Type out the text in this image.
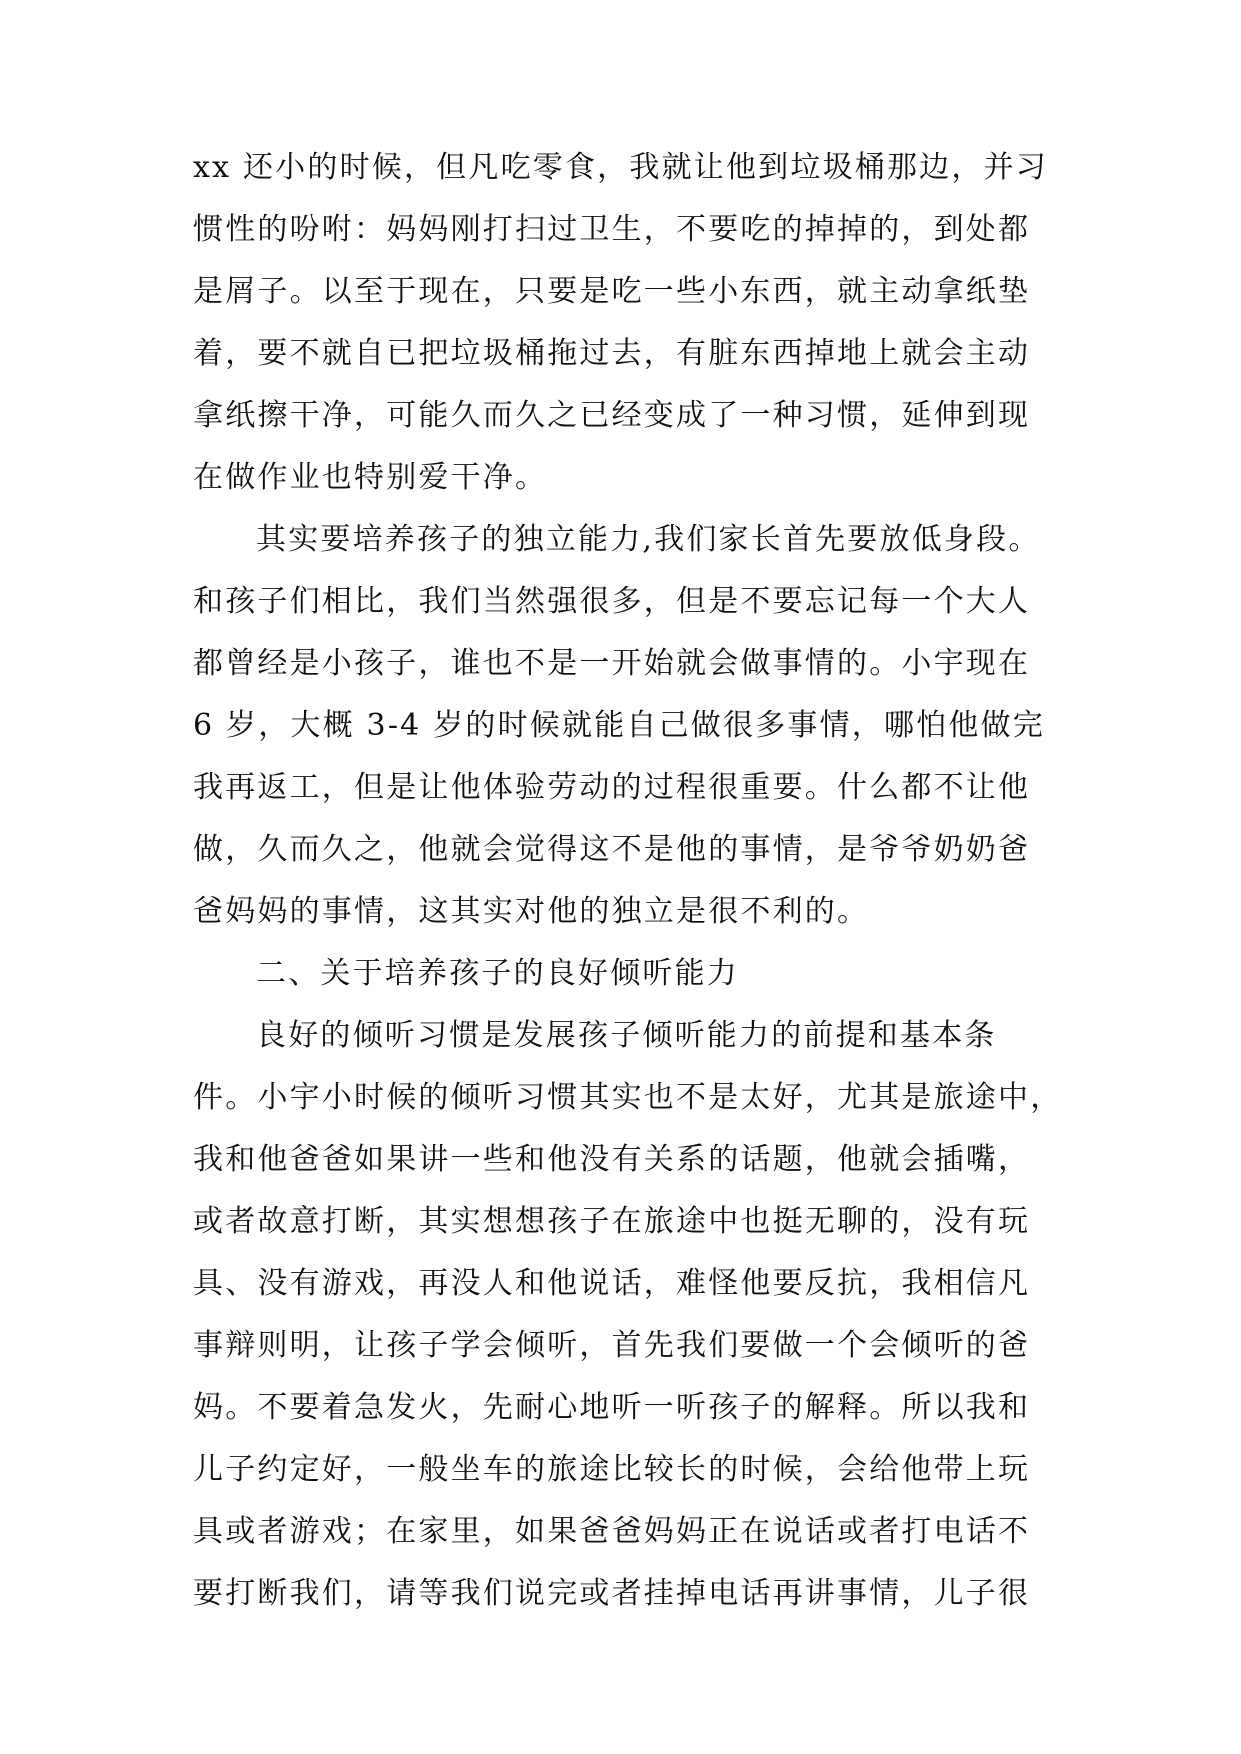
xx 还小的时候，但凡吃零食，我就让他到垃圾桶那边，并习
惯性的吩咐：妈妈刚打扫过卫生，不要吃的掉掉的，到处都
是屑子。以至于现在，只要是吃一些小东西，就主动拿纸垫
着，要不就自已把垃圾桶拖过去，有脏东西掉地上就会主动
拿纸擦干净，可能久而久之已经变成了一种习惯，延伸到现
在做作业也特别爱干净。
其实要培养孩子的独立能力,我们家长首先要放低身段。
和孩子们相比，我们当然强很多，但是不要忘记每一个大人
都曾经是小孩子，谁也不是一开始就会做事情的。小宇现在
6 岁，大概 3-4 岁的时候就能自己做很多事情，哪怕他做完
我再返工，但是让他体验劳动的过程很重要。什么都不让他
做，久而久之，他就会觉得这不是他的事情，是爷爷奶奶爸
爸妈妈的事情，这其实对他的独立是很不利的。
二、关于培养孩子的良好倾听能力
良好的倾听习惯是发展孩子倾听能力的前提和基本条
件。小宇小时候的倾听习惯其实也不是太好，尤其是旅途中，
我和他爸爸如果讲一些和他没有关系的话题，他就会插嘴，
或者故意打断，其实想想孩子在旅途中也挺无聊的，没有玩
具、没有游戏，再没人和他说话，难怪他要反抗，我相信凡
事辩则明，让孩子学会倾听，首先我们要做一个会倾听的爸
妈。不要着急发火，先耐心地听一听孩子的解释。所以我和
儿子约定好，一般坐车的旅途比较长的时候，会给他带上玩
具或者游戏；在家里，如果爸爸妈妈正在说话或者打电话不
要打断我们，请等我们说完或者挂掉电话再讲事情，儿子很
